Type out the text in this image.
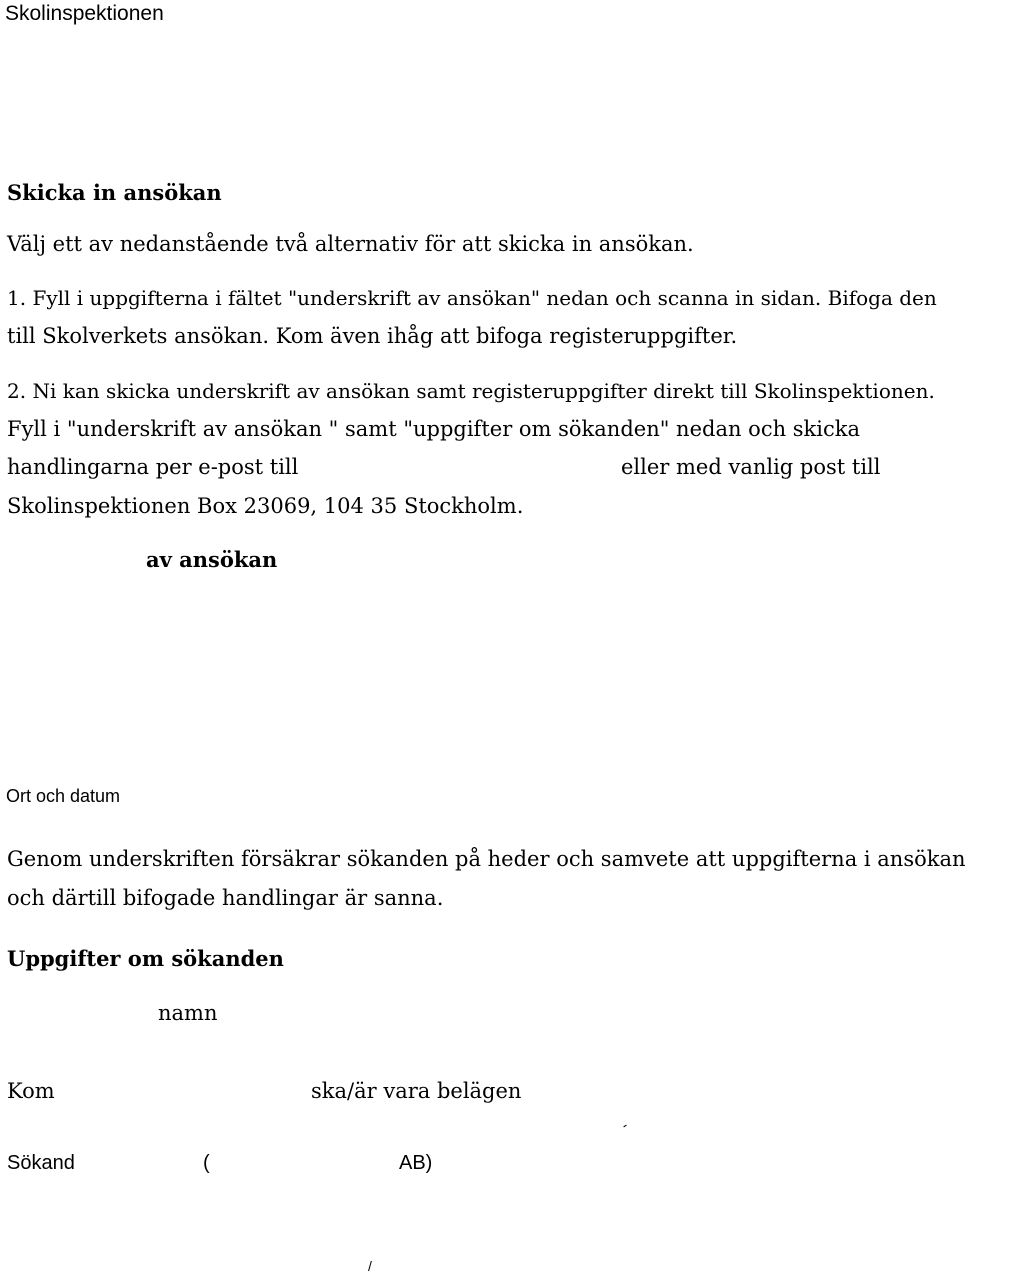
Skolinspektionen
Skicka in ansökan
Välj ett av nedanstående två alternativ för att skicka in ansökan.
1. Fyll i uppgifterna i fältet "underskrift av ansökan" nedan och scanna in sidan. Bifoga den
till Skolverkets ansökan. Kom även ihåg att bifoga registeruppgifter.
2. Ni kan skicka underskrift av ansökan samt registeruppgifter direkt till Skolinspektionen.
Fyll i "underskrift av ansökan " samt "uppgifter om sökanden" nedan och skicka
handlingarna per e-post till	eller med vanlig post till
Skolinspektionen Box 23069, 104 35 Stockholm.
av ansökan
Ort och datum
Genom underskriften försäkrar sökanden på heder och samvete att uppgifterna i ansökan
och därtill bifogade handlingar är sanna.
Uppgifter om sökanden
namn
Kom	ska/är vara belägen
Sökand	(	AB)
-
/
